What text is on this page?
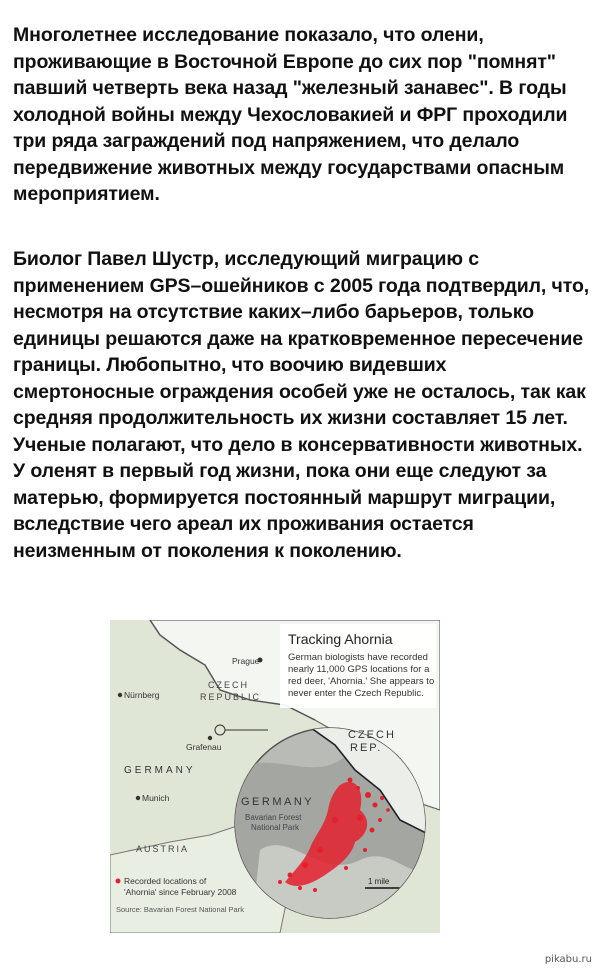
Многолетнее исследование показало, что олени, проживающие в Восточной Европе до сих пор "помнят" павший четверть века назад "железный занавес". В годы холодной войны между Чехословакией и ФРГ проходили три ряда заграждений под напряжением, что делало передвижение животных между государствами опасным мероприятием.

Биолог Павел Шустр, исследующий миграцию с применением GPS–ошейников с 2005 года подтвердил, что, несмотря на отсутствие каких–либо барьеров, только единицы решаются даже на кратковременное пересечение границы. Любопытно, что воочию видевших смертоносные ограждения особей уже не осталось, так как средняя продолжительность их жизни составляет 15 лет. Ученые полагают, что дело в консервативности животных. У оленят в первый год жизни, пока они еще следуют за матерью, формируется постоянный маршрут миграции, вследствие чего ареал их проживания остается неизменным от поколения к поколению.

Tracking Ahornia
German biologists have recorded
nearly 11,000 GPS locations for a
red deer, 'Ahornia.' She appears to
never enter the Czech Republic.
Prague
CZECH
REPUBLIC
Nürnberg
Grafenau
GERMANY
Munich
AUSTRIA
CZECH
REP.
GERMANY
Bavarian Forest
National Park
1 mile
Recorded locations of
'Ahornia' since February 2008
Source: Bavarian Forest National Park
pikabu.ru
